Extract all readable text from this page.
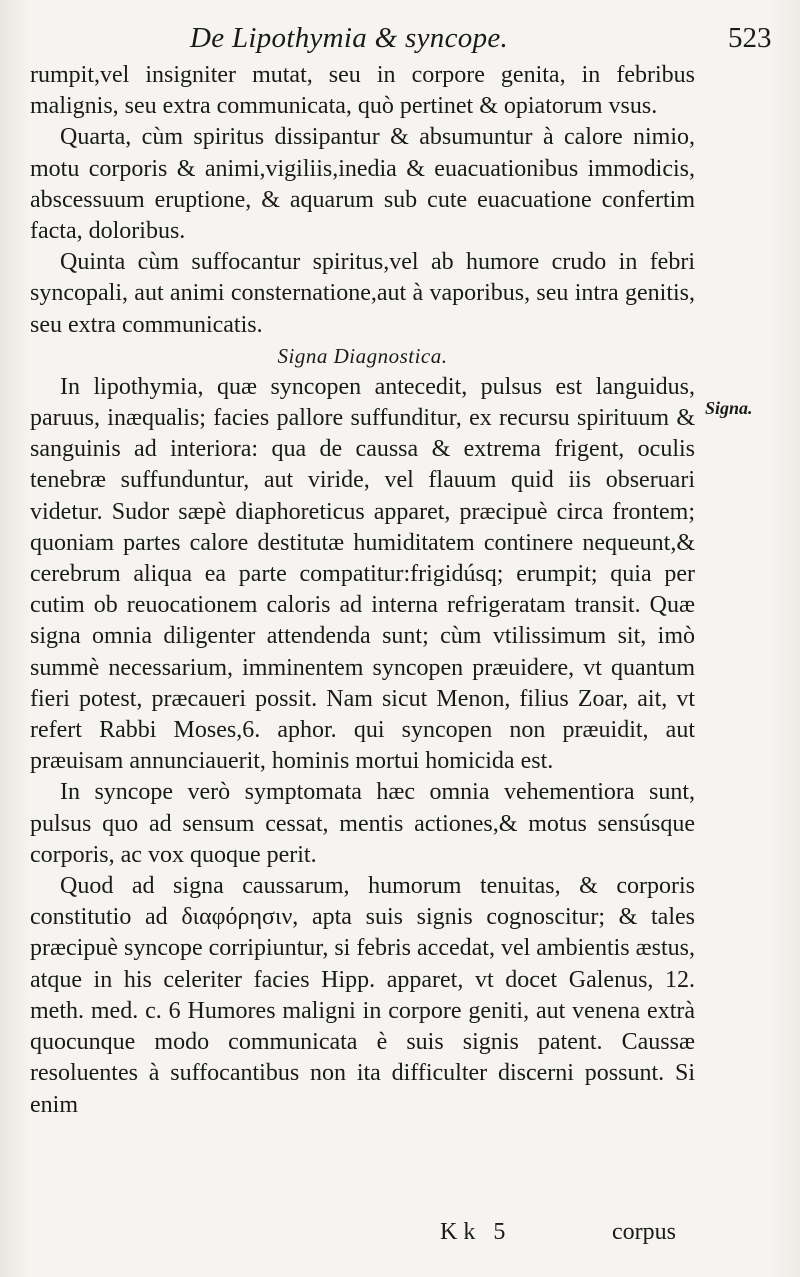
De Lipothymia & syncope.	523

rumpit,vel insigniter mutat, seu in corpore genita, in febribus malignis, seu extra communicata, quò pertinet & opiatorum vsus.

Quarta, cùm spiritus dissipantur & absumuntur à calore nimio, motu corporis & animi,vigiliis,inedia & euacuationibus immodicis, abscessuum eruptione, & aquarum sub cute euacuatione confertim facta, doloribus.

Quinta cùm suffocantur spiritus,vel ab humore crudo in febri syncopali, aut animi consternatione,aut à vaporibus, seu intra genitis, seu extra communicatis.

Signa Diagnostica.

In lipothymia, quæ syncopen antecedit, pulsus est languidus, paruus, inæqualis; facies pallore suffunditur, ex recursu spirituum & sanguinis ad interiora: qua de caussa & extrema frigent, oculis tenebræ suffunduntur, aut viride, vel flauum quid iis obseruari videtur. Sudor sæpè diaphoreticus apparet, præcipuè circa frontem; quoniam partes calore destitutæ humiditatem continere nequeunt,& cerebrum aliqua ea parte compatitur:frigidúsq; erumpit; quia per cutim ob reuocationem caloris ad interna refrigeratam transit. Quæ signa omnia diligenter attendenda sunt; cùm vtilissimum sit, imò summè necessarium, imminentem syncopen præuidere, vt quantum fieri potest, præcaueri possit. Nam sicut Menon, filius Zoar, ait, vt refert Rabbi Moses,6. aphor. qui syncopen non præuidit, aut præuisam annunciauerit, hominis mortui homicida est.

In syncope verò symptomata hæc omnia vehementiora sunt, pulsus quo ad sensum cessat, mentis actiones,& motus sensúsque corporis, ac vox quoque perit.

Quod ad signa caussarum, humorum tenuitas, & corporis constitutio ad διαφόρησιν, apta suis signis cognoscitur; & tales præcipuè syncope corripiuntur, si febris accedat, vel ambientis æstus, atque in his celeriter facies Hipp. apparet, vt docet Galenus, 12. meth. med. c. 6 Humores maligni in corpore geniti, aut venena extrà quocunque modo communicata è suis signis patent. Caussæ resoluentes à suffocantibus non ita difficulter discerni possunt. Si enim

Signa.
Kk 5	corpus
